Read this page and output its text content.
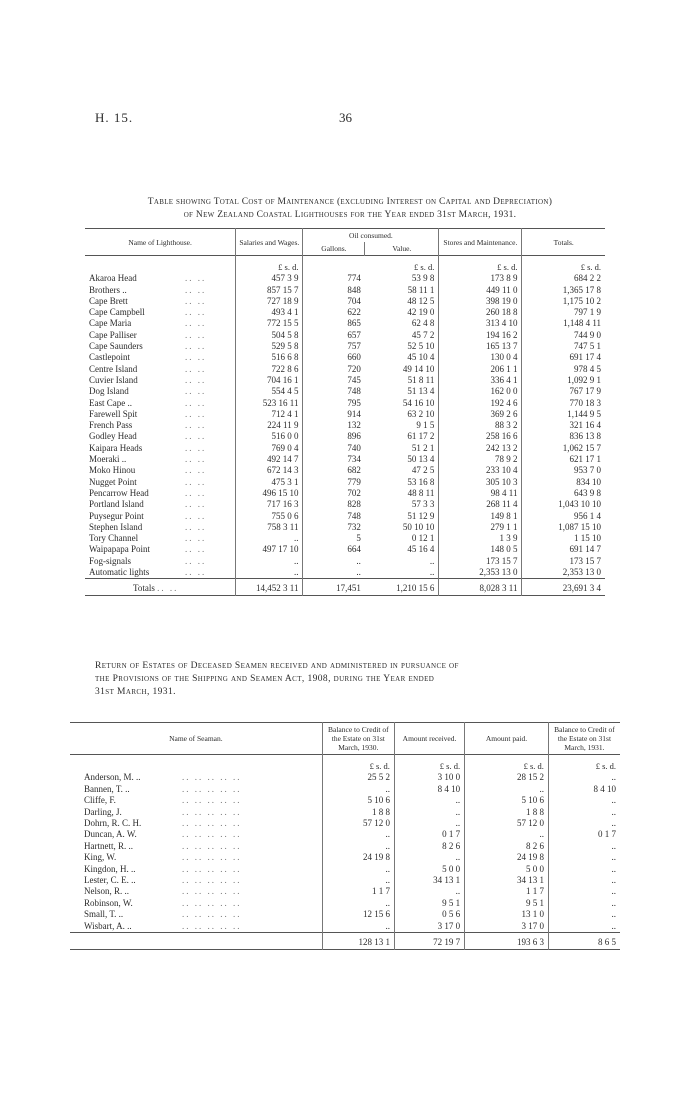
H. 15.	36
Table showing Total Cost of Maintenance (excluding Interest on Capital and Depreciation)
of New Zealand Coastal Lighthouses for the Year ended 31st March, 1931.
Name of Lighthouse.	Salaries and Wages.	Oil consumed.		Stores and Maintenance.	Totals.
		Gallons.	Value.		
	£ s. d.		£ s. d.	£ s. d.	£ s. d.
Akaroa Head .. ..	457 3 9	774	53 9 8	173 8 9	684 2 2
Brothers .. .. ..	857 15 7	848	58 11 1	449 11 0	1,365 17 8
Cape Brett .. ..	727 18 9	704	48 12 5	398 19 0	1,175 10 2
Cape Campbell .. ..	493 4 1	622	42 19 0	260 18 8	797 1 9
Cape Maria .. ..	772 15 5	865	62 4 8	313 4 10	1,148 4 11
Cape Palliser .. ..	504 5 8	657	45 7 2	194 16 2	744 9 0
Cape Saunders .. ..	529 5 8	757	52 5 10	165 13 7	747 5 1
Castlepoint .. ..	516 6 8	660	45 10 4	130 0 4	691 17 4
Centre Island .. ..	722 8 6	720	49 14 10	206 1 1	978 4 5
Cuvier Island .. ..	704 16 1	745	51 8 11	336 4 1	1,092 9 1
Dog Island .. ..	554 4 5	748	51 13 4	162 0 0	767 17 9
East Cape .. .. ..	523 16 11	795	54 16 10	192 4 6	770 18 3
Farewell Spit .. ..	712 4 1	914	63 2 10	369 2 6	1,144 9 5
French Pass .. ..	224 11 9	132	9 1 5	88 3 2	321 16 4
Godley Head .. ..	516 0 0	896	61 17 2	258 16 6	836 13 8
Kaipara Heads .. ..	769 0 4	740	51 2 1	242 13 2	1,062 15 7
Moeraki .. .. ..	492 14 7	734	50 13 4	78 9 2	621 17 1
Moko Hinou .. ..	672 14 3	682	47 2 5	233 10 4	953 7 0
Nugget Point .. ..	475 3 1	779	53 16 8	305 10 3	834 10
Pencarrow Head .. ..	496 15 10	702	48 8 11	98 4 11	643 9 8
Portland Island .. ..	717 16 3	828	57 3 3	268 11 4	1,043 10 10
Puysegur Point .. ..	755 0 6	748	51 12 9	149 8 1	956 1 4
Stephen Island .. ..	758 3 11	732	50 10 10	279 1 1	1,087 15 10
Tory Channel .. ..	..	5	0 12 1	1 3 9	1 15 10
Waipapapa Point .. ..	497 17 10	664	45 16 4	148 0 5	691 14 7
Fog-signals .. ..	..	..	..	173 15 7	173 15 7
Automatic lights .. ..	..	..	..	2,353 13 0	2,353 13 0
Totals .. ..	14,452 3 11	17,451	1,210 15 6	8,028 3 11	23,691 3 4
Return of Estates of Deceased Seamen received and administered in pursuance of
the Provisions of the Shipping and Seamen Act, 1908, during the Year ended
31st March, 1931.
Name of Seaman.	Balance to Credit of the Estate on 31st March, 1930.	Amount received.	Amount paid.	Balance to Credit of the Estate on 31st March, 1931.
	£ s. d.	£ s. d.	£ s. d.	£ s. d.
Anderson, M. .. .. .. .. .. ..	25 5 2	3 10 0	28 15 2	..
Bannen, T. .. .. .. .. .. ..	..	8 4 10	..	8 4 10
Cliffe, F. .. .. .. .. ..	5 10 6	..	5 10 6	..
Darling, J. .. .. .. .. ..	1 8 8	..	1 8 8	..
Dohrn, R. C. H. .. .. .. .. ..	57 12 0	..	57 12 0	..
Duncan, A. W. .. .. .. .. ..	..	0 1 7	..	0 1 7
Hartnett, R. .. .. .. .. .. ..	..	8 2 6	8 2 6	..
King, W. .. .. .. .. ..	24 19 8	..	24 19 8	..
Kingdon, H. .. .. .. .. .. ..	..	5 0 0	5 0 0	..
Lester, C. E. .. .. .. .. .. ..	..	34 13 1	34 13 1	..
Nelson, R. .. .. .. .. .. ..	1 1 7	..	1 1 7	..
Robinson, W. .. .. .. .. ..	..	9 5 1	9 5 1	..
Small, T. .. .. .. .. .. ..	12 15 6	0 5 6	13 1 0	..
Wisbart, A. .. .. .. .. .. ..	..	3 17 0	3 17 0	..
	128 13 1	72 19 7	193 6 3	8 6 5
